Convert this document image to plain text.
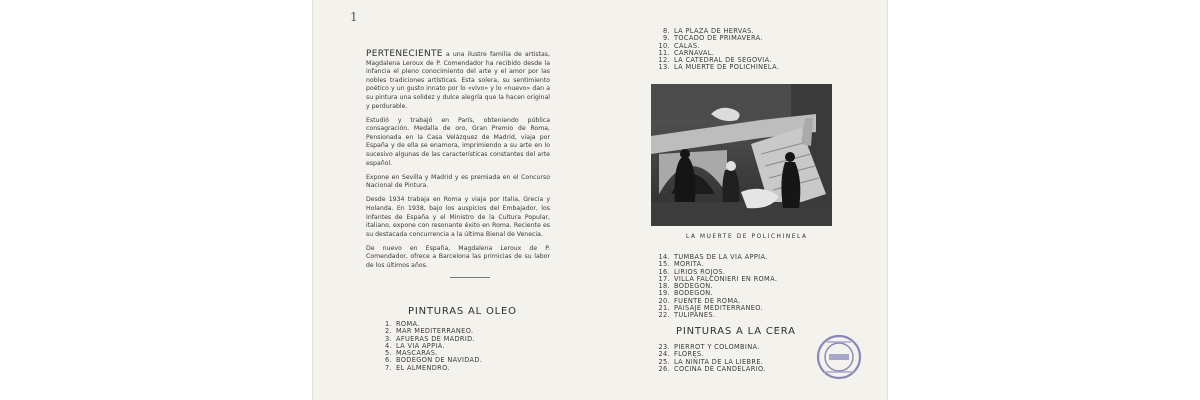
1

PERTENECIENTE a una ilustre familia de artistas, Magdalena Leroux de P. Comendador ha recibido desde la infancia el pleno conocimiento del arte y el amor por las nobles tradiciones artísticas. Esta solera, su sentimiento poético y un gusto innato por lo «vivo» y lo «nuevo» dan a su pintura una solidez y dulce alegría que la hacen original y perdurable.

Estudió y trabajó en París, obteniendo pública consagración. Medalla de oro, Gran Premio de Roma, Pensionada en la Casa Velázquez de Madrid, viaja por España y de ella se enamora, imprimiendo a su arte en lo sucesivo algunas de las características constantes del arte español.

Expone en Sevilla y Madrid y es premiada en el Concurso Nacional de Pintura.

Desde 1934 trabaja en Roma y viaja por Italia, Grecia y Holanda. En 1938, bajo los auspicios del Embajador, los Infantes de España y el Ministro de la Cultura Popular, italiano, expone con resonante éxito en Roma. Reciente es su destacada concurrencia a la última Bienal de Venecia.

De nuevo en España, Magdalena Leroux de P. Comendador, ofrece a Barcelona las primicias de su labor de los últimos años.

PINTURAS AL OLEO
1. ROMA.
2. MAR MEDITERRANEO.
3. AFUERAS DE MADRID.
4. LA VIA APPIA.
5. MASCARAS.
6. BODEGON DE NAVIDAD.
7. EL ALMENDRO.
8. LA PLAZA DE HERVAS.
9. TOCADO DE PRIMAVERA.
10. CALAS.
11. CARNAVAL.
12. LA CATEDRAL DE SEGOVIA.
13. LA MUERTE DE POLICHINELA.
LA MUERTE DE POLICHINELA
14. TUMBAS DE LA VIA APPIA.
15. MORITA.
16. LIRIOS ROJOS.
17. VILLA FALCONIERI EN ROMA.
18. BODEGON.
19. BODEGON.
20. FUENTE DE ROMA.
21. PAISAJE MEDITERRANEO.
22. TULIPANES.
PINTURAS A LA CERA
23. PIERROT Y COLOMBINA.
24. FLORES.
25. LA NIÑITA DE LA LIEBRE.
26. COCINA DE CANDELARIO.
